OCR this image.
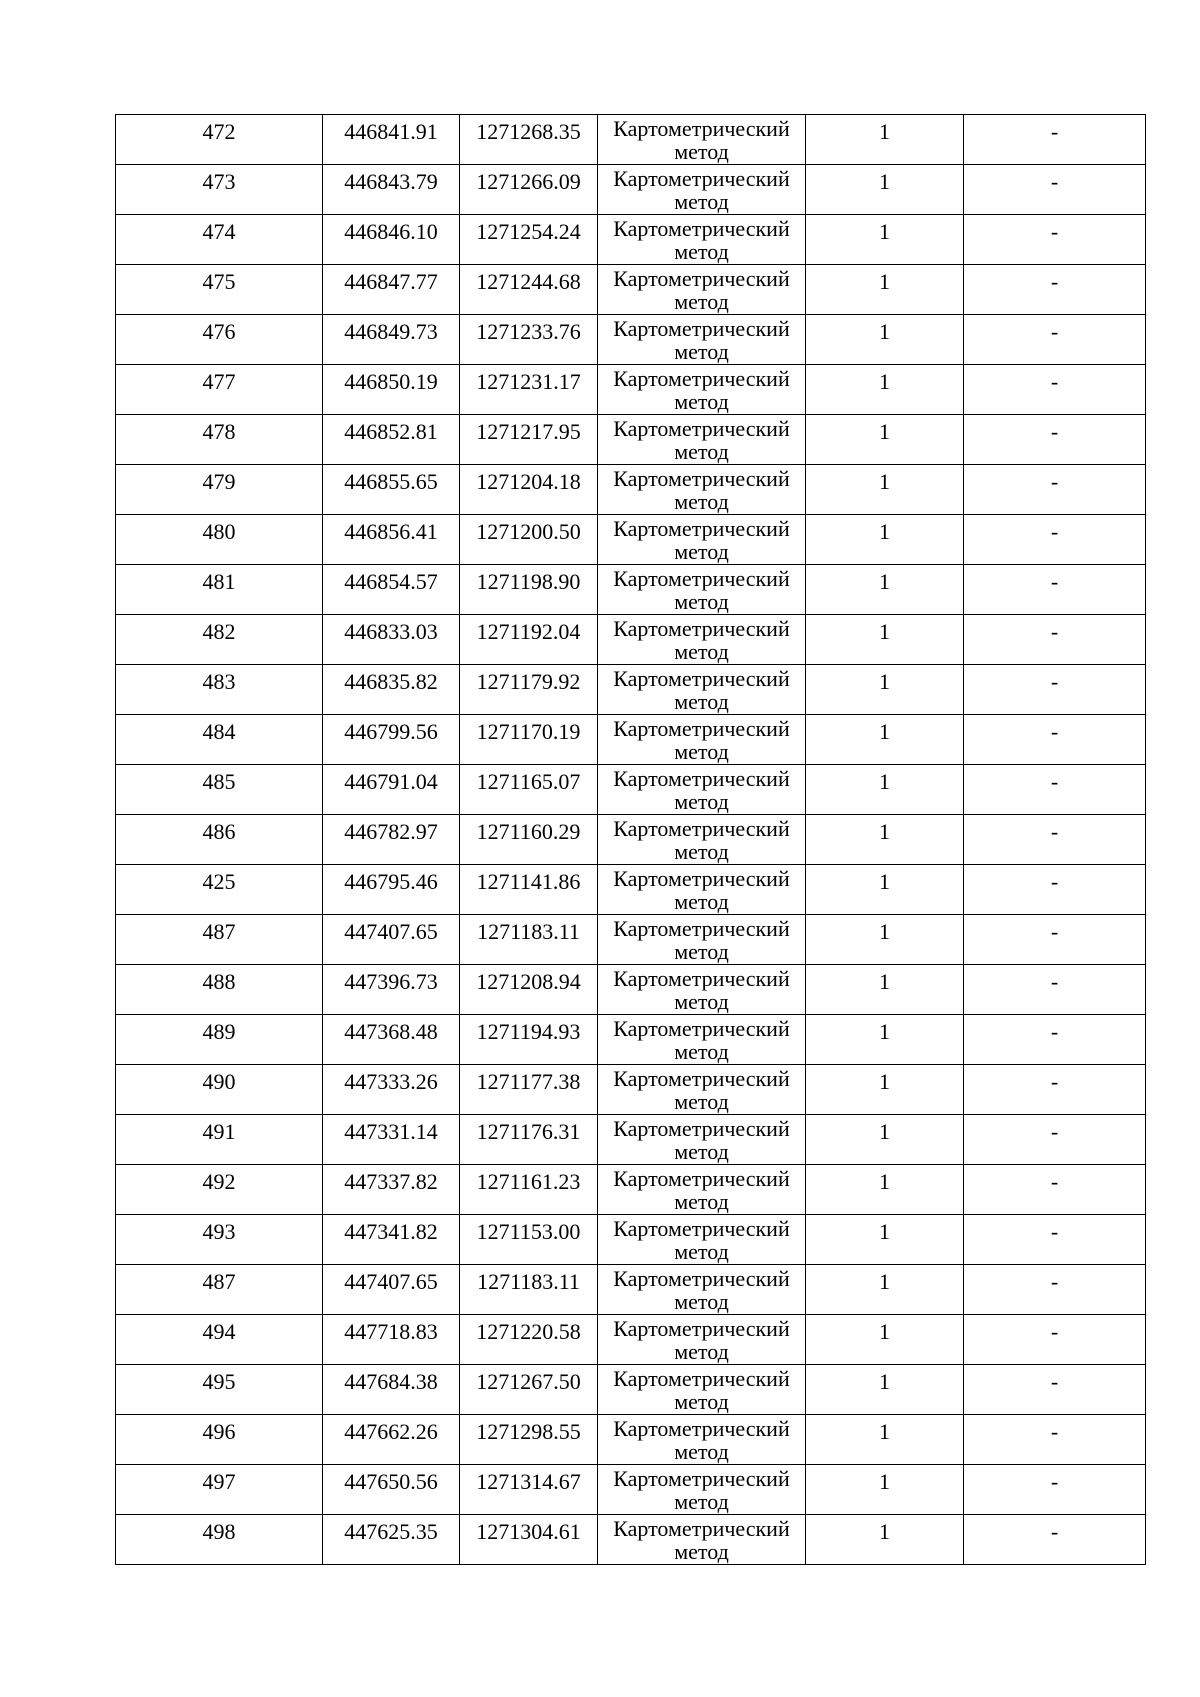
472	446841.91	1271268.35	Картометрический метод	1	-
473	446843.79	1271266.09	Картометрический метод	1	-
474	446846.10	1271254.24	Картометрический метод	1	-
475	446847.77	1271244.68	Картометрический метод	1	-
476	446849.73	1271233.76	Картометрический метод	1	-
477	446850.19	1271231.17	Картометрический метод	1	-
478	446852.81	1271217.95	Картометрический метод	1	-
479	446855.65	1271204.18	Картометрический метод	1	-
480	446856.41	1271200.50	Картометрический метод	1	-
481	446854.57	1271198.90	Картометрический метод	1	-
482	446833.03	1271192.04	Картометрический метод	1	-
483	446835.82	1271179.92	Картометрический метод	1	-
484	446799.56	1271170.19	Картометрический метод	1	-
485	446791.04	1271165.07	Картометрический метод	1	-
486	446782.97	1271160.29	Картометрический метод	1	-
425	446795.46	1271141.86	Картометрический метод	1	-
487	447407.65	1271183.11	Картометрический метод	1	-
488	447396.73	1271208.94	Картометрический метод	1	-
489	447368.48	1271194.93	Картометрический метод	1	-
490	447333.26	1271177.38	Картометрический метод	1	-
491	447331.14	1271176.31	Картометрический метод	1	-
492	447337.82	1271161.23	Картометрический метод	1	-
493	447341.82	1271153.00	Картометрический метод	1	-
487	447407.65	1271183.11	Картометрический метод	1	-
494	447718.83	1271220.58	Картометрический метод	1	-
495	447684.38	1271267.50	Картометрический метод	1	-
496	447662.26	1271298.55	Картометрический метод	1	-
497	447650.56	1271314.67	Картометрический метод	1	-
498	447625.35	1271304.61	Картометрический метод	1	-
